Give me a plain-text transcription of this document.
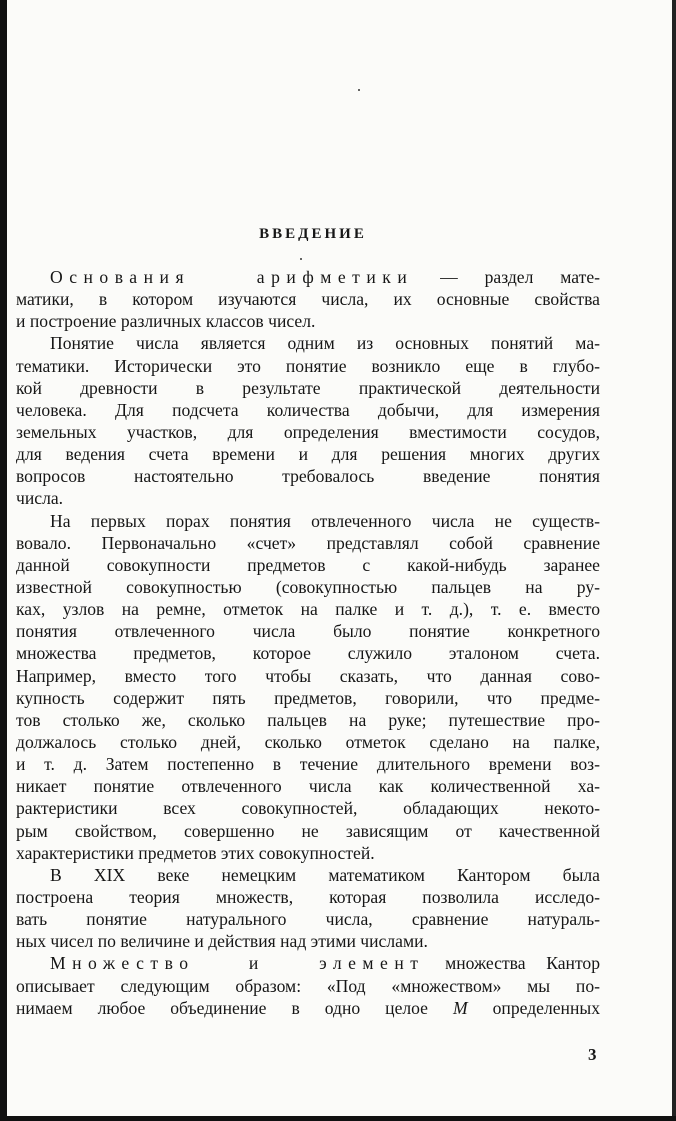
ВВЕДЕНИЕ
Основания  арифметики — раздел мате-
матики, в котором изучаются числа, их основные свойства
и построение различных классов чисел.
Понятие числа является одним из основных понятий ма-
тематики. Исторически это понятие возникло еще в глубо-
кой древности в результате практической деятельности
человека. Для подсчета количества добычи, для измерения
земельных участков, для определения вместимости сосудов,
для ведения счета времени и для решения многих других
вопросов настоятельно требовалось введение понятия
числа.
На первых порах понятия отвлеченного числа не существ-
вовало. Первоначально «счет» представлял собой сравнение
данной совокупности предметов с какой-нибудь заранее
известной совокупностью (совокупностью пальцев на ру-
ках, узлов на ремне, отметок на палке и т. д.), т. е. вместо
понятия отвлеченного числа было понятие конкретного
множества предметов, которое служило эталоном счета.
Например, вместо того чтобы сказать, что данная сово-
купность содержит пять предметов, говорили, что предме-
тов столько же, сколько пальцев на руке; путешествие про-
должалось столько дней, сколько отметок сделано на палке,
и т. д. Затем постепенно в течение длительного времени воз-
никает понятие отвлеченного числа как количественной ха-
рактеристики всех совокупностей, обладающих некото-
рым свойством, совершенно не зависящим от качественной
характеристики предметов этих совокупностей.
В XIX веке немецким математиком Кантором была
построена теория множеств, которая позволила исследо-
вать понятие натурального числа, сравнение натураль-
ных чисел по величине и действия над этими числами.
Множество  и  элемент множества Кантор
описывает следующим образом: «Под «множеством» мы по-
нимаем любое объединение в одно целое M определенных
3
